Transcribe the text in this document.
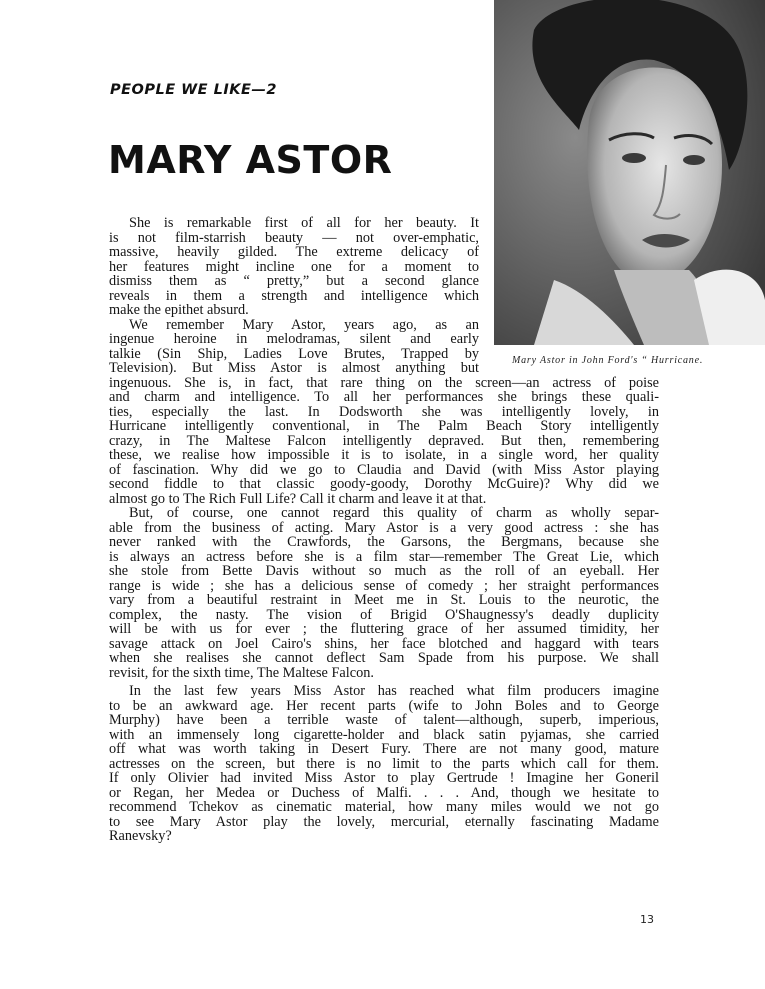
PEOPLE WE LIKE—2
MARY ASTOR
Mary Astor in John Ford's “ Hurricane.
She is remarkable first of all for her beauty. It
is not film-starrish beauty — not over-emphatic,
massive, heavily gilded. The extreme delicacy of
her features might incline one for a moment to
dismiss them as “ pretty,” but a second glance
reveals in them a strength and intelligence which
make the epithet absurd.
We remember Mary Astor, years ago, as an
ingenue heroine in melodramas, silent and early
talkie (Sin Ship, Ladies Love Brutes, Trapped by
Television). But Miss Astor is almost anything but
ingenuous. She is, in fact, that rare thing on the screen—an actress of poise
and charm and intelligence. To all her performances she brings these quali-
ties, especially the last. In Dodsworth she was intelligently lovely, in
Hurricane intelligently conventional, in The Palm Beach Story intelligently
crazy, in The Maltese Falcon intelligently depraved. But then, remembering
these, we realise how impossible it is to isolate, in a single word, her quality
of fascination. Why did we go to Claudia and David (with Miss Astor playing
second fiddle to that classic goody-goody, Dorothy McGuire)? Why did we
almost go to The Rich Full Life? Call it charm and leave it at that.
But, of course, one cannot regard this quality of charm as wholly separ-
able from the business of acting. Mary Astor is a very good actress : she has
never ranked with the Crawfords, the Garsons, the Bergmans, because she
is always an actress before she is a film star—remember The Great Lie, which
she stole from Bette Davis without so much as the roll of an eyeball. Her
range is wide ; she has a delicious sense of comedy ; her straight performances
vary from a beautiful restraint in Meet me in St. Louis to the neurotic, the
complex, the nasty. The vision of Brigid O'Shaugnessy's deadly duplicity
will be with us for ever ; the fluttering grace of her assumed timidity, her
savage attack on Joel Cairo's shins, her face blotched and haggard with tears
when she realises she cannot deflect Sam Spade from his purpose. We shall
revisit, for the sixth time, The Maltese Falcon.
In the last few years Miss Astor has reached what film producers imagine
to be an awkward age. Her recent parts (wife to John Boles and to George
Murphy) have been a terrible waste of talent—although, superb, imperious,
with an immensely long cigarette-holder and black satin pyjamas, she carried
off what was worth taking in Desert Fury. There are not many good, mature
actresses on the screen, but there is no limit to the parts which call for them.
If only Olivier had invited Miss Astor to play Gertrude ! Imagine her Goneril
or Regan, her Medea or Duchess of Malfi. . . . And, though we hesitate to
recommend Tchekov as cinematic material, how many miles would we not go
to see Mary Astor play the lovely, mercurial, eternally fascinating Madame
Ranevsky?
13
